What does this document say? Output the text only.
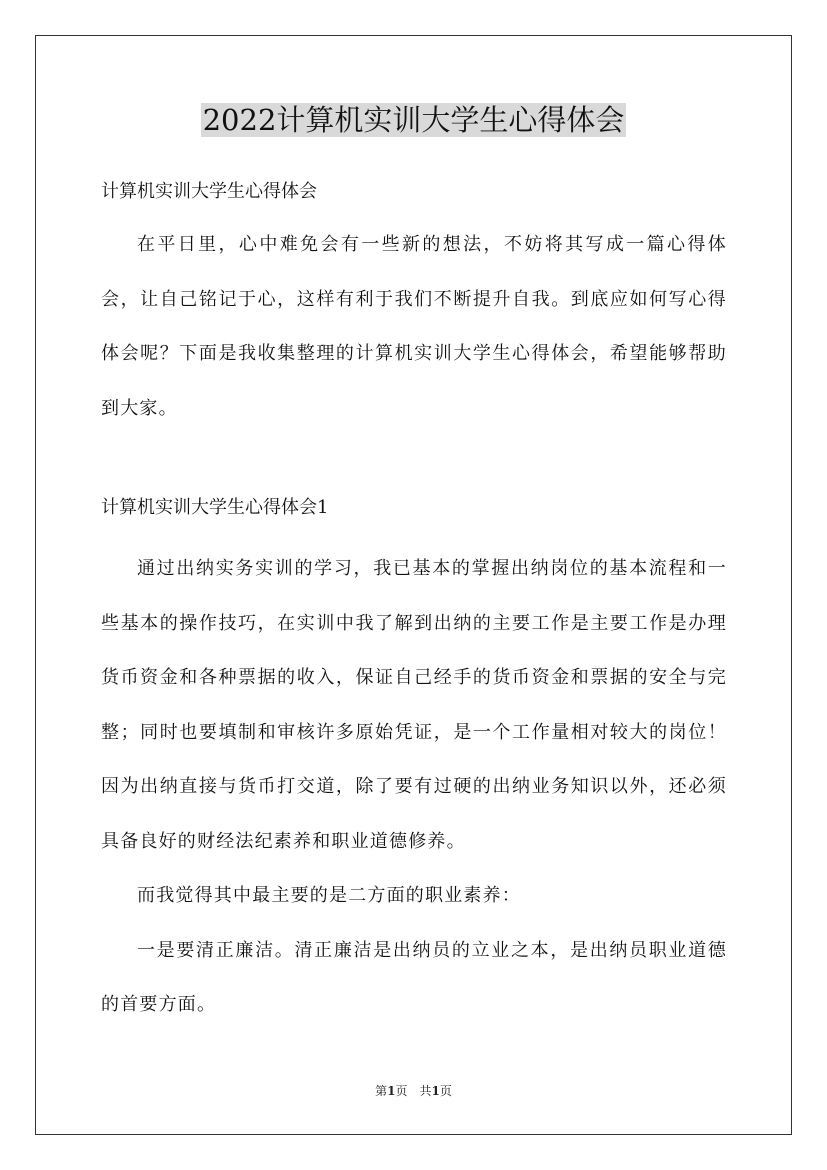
2022计算机实训大学生心得体会

计算机实训大学生心得体会

在平日里，心中难免会有一些新的想法，不妨将其写成一篇心得体会，让自己铭记于心，这样有利于我们不断提升自我。到底应如何写心得体会呢？下面是我收集整理的计算机实训大学生心得体会，希望能够帮助到大家。

计算机实训大学生心得体会1

通过出纳实务实训的学习，我已基本的掌握出纳岗位的基本流程和一些基本的操作技巧，在实训中我了解到出纳的主要工作是主要工作是办理货币资金和各种票据的收入，保证自己经手的货币资金和票据的安全与完整；同时也要填制和审核许多原始凭证，是一个工作量相对较大的岗位！因为出纳直接与货币打交道，除了要有过硬的出纳业务知识以外，还必须具备良好的财经法纪素养和职业道德修养。

而我觉得其中最主要的是二方面的职业素养：

一是要清正廉洁。清正廉洁是出纳员的立业之本，是出纳员职业道德的首要方面。

第1页　共1页
